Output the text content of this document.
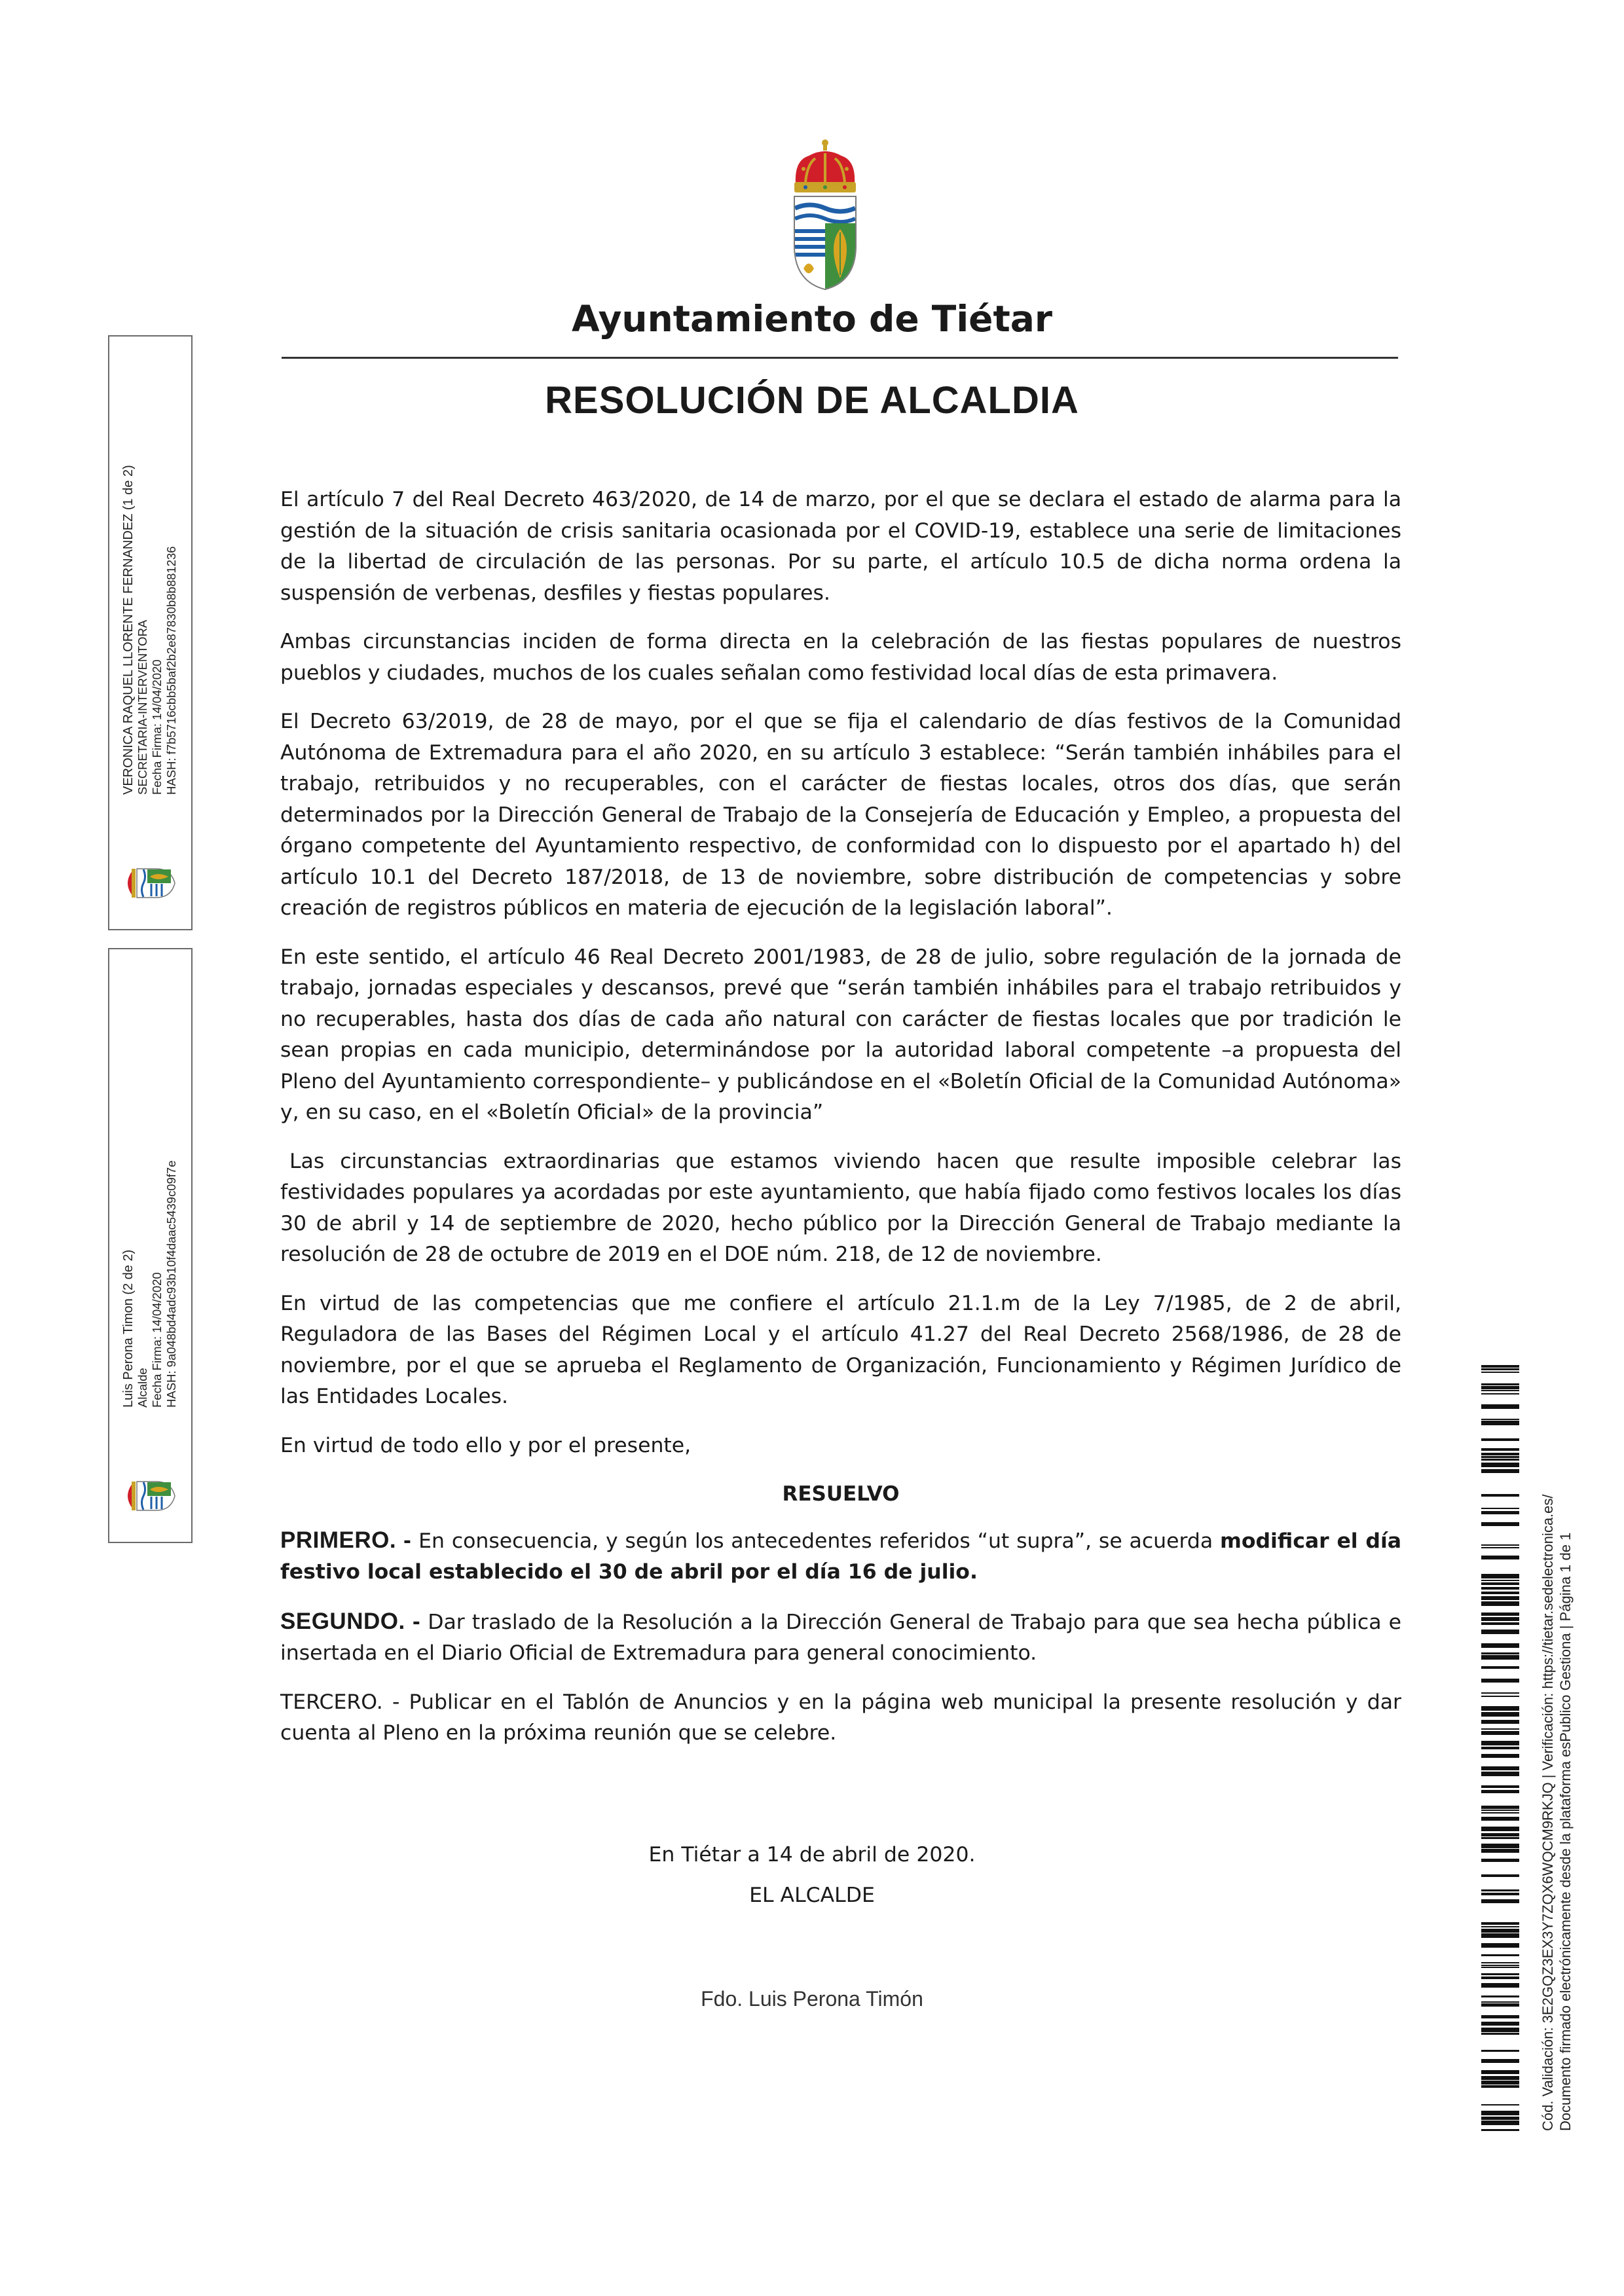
Ayuntamiento de Tiétar
RESOLUCIÓN DE ALCALDIA

El artículo 7 del Real Decreto 463/2020, de 14 de marzo, por el que se declara el estado de alarma para la gestión de la situación de crisis sanitaria ocasionada por el COVID-19, establece una serie de limitaciones de la libertad de circulación de las personas. Por su parte, el artículo 10.5 de dicha norma ordena la suspensión de verbenas, desfiles y fiestas populares.

Ambas circunstancias inciden de forma directa en la celebración de las fiestas populares de nuestros pueblos y ciudades, muchos de los cuales señalan como festividad local días de esta primavera.

El Decreto 63/2019, de 28 de mayo, por el que se fija el calendario de días festivos de la Comunidad Autónoma de Extremadura para el año 2020, en su artículo 3 establece: “Serán también inhábiles para el trabajo, retribuidos y no recuperables, con el carácter de fiestas locales, otros dos días, que serán determinados por la Dirección General de Trabajo de la Consejería de Educación y Empleo, a propuesta del órgano competente del Ayuntamiento respectivo, de conformidad con lo dispuesto por el apartado h) del artículo 10.1 del Decreto 187/2018, de 13 de noviembre, sobre distribución de competencias y sobre creación de registros públicos en materia de ejecución de la legislación laboral”.

En este sentido, el artículo 46 Real Decreto 2001/1983, de 28 de julio, sobre regulación de la jornada de trabajo, jornadas especiales y descansos, prevé que “serán también inhábiles para el trabajo retribuidos y no recuperables, hasta dos días de cada año natural con carácter de fiestas locales que por tradición le sean propias en cada municipio, determinándose por la autoridad laboral competente –a propuesta del Pleno del Ayuntamiento correspondiente– y publicándose en el «Boletín Oficial de la Comunidad Autónoma» y, en su caso, en el «Boletín Oficial» de la provincia”

Las circunstancias extraordinarias que estamos viviendo hacen que resulte imposible celebrar las festividades populares ya acordadas por este ayuntamiento, que había fijado como festivos locales los días 30 de abril y 14 de septiembre de 2020, hecho público por la Dirección General de Trabajo mediante la resolución de 28 de octubre de 2019 en el DOE núm. 218, de 12 de noviembre.

En virtud de las competencias que me confiere el artículo 21.1.m de la Ley 7/1985, de 2 de abril, Reguladora de las Bases del Régimen Local y el artículo 41.27 del Real Decreto 2568/1986, de 28 de noviembre, por el que se aprueba el Reglamento de Organización, Funcionamiento y Régimen Jurídico de las Entidades Locales.

En virtud de todo ello y por el presente,

RESUELVO

PRIMERO. - En consecuencia, y según los antecedentes referidos “ut supra”, se acuerda modificar el día festivo local establecido el 30 de abril por el día 16 de julio.

SEGUNDO. - Dar traslado de la Resolución a la Dirección General de Trabajo para que sea hecha pública e insertada en el Diario Oficial de Extremadura para general conocimiento.

TERCERO. - Publicar en el Tablón de Anuncios y en la página web municipal la presente resolución y dar cuenta al Pleno en la próxima reunión que se celebre.

En Tiétar a 14 de abril de 2020.

EL ALCALDE

Fdo. Luis Perona Timón
VERONICA RAQUEL LLORENTE FERNANDEZ (1 de 2) SECRETARIA-INTERVENTORA Fecha Firma: 14/04/2020 HASH: f7b5716cbb5baf2b2e87830b8b881236
Luis Perona Timon (2 de 2) Alcalde Fecha Firma: 14/04/2020 HASH: 9a048bd4adc93b10f4daac5439c09f7e
Cód. Validación: 3E2GQZ3EX3Y7ZQX6WQCM9RKJQ | Verificación: https://tietar.sedelectronica.es/ Documento firmado electrónicamente desde la plataforma esPublico Gestiona | Página 1 de 1
